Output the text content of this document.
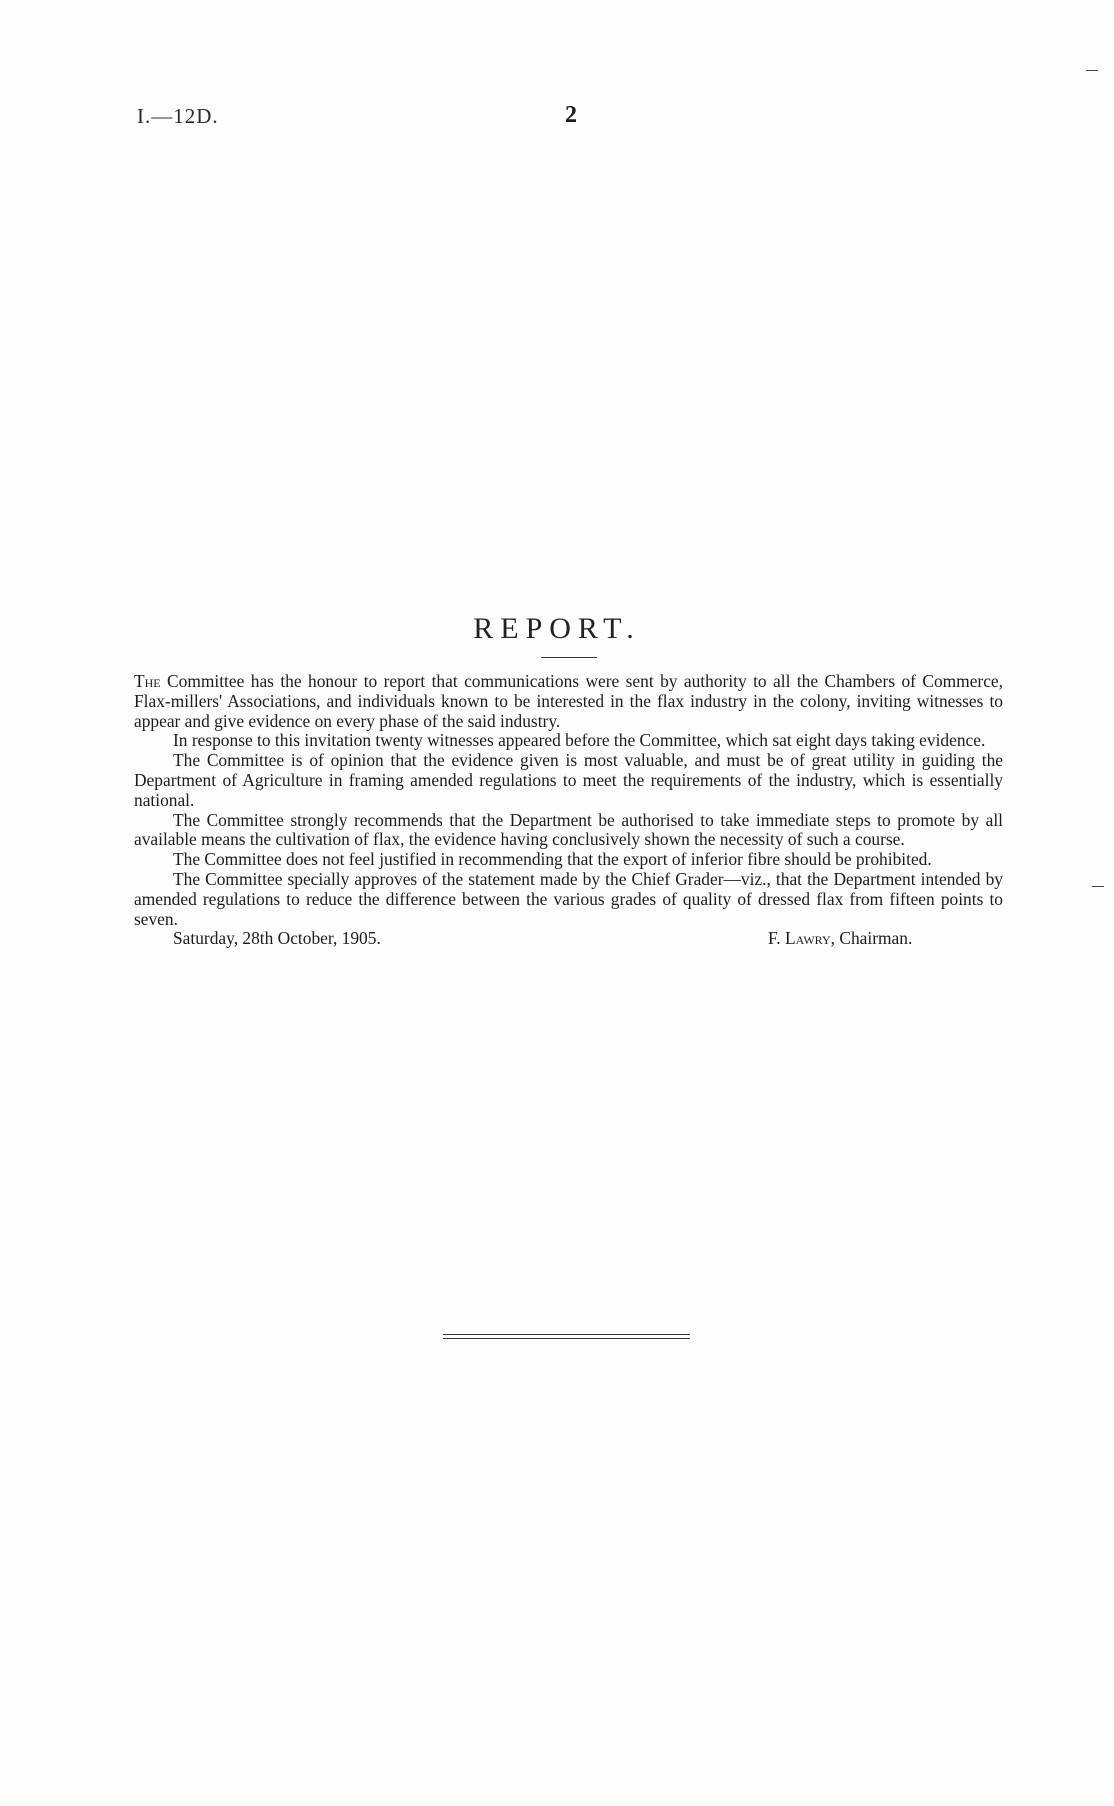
I.—12D.	2
REPORT.

The Committee has the honour to report that communications were sent by authority to all the Chambers of Commerce, Flax-millers' Associations, and individuals known to be interested in the flax industry in the colony, inviting witnesses to appear and give evidence on every phase of the said industry.

In response to this invitation twenty witnesses appeared before the Committee, which sat eight days taking evidence.

The Committee is of opinion that the evidence given is most valuable, and must be of great utility in guiding the Department of Agriculture in framing amended regulations to meet the requirements of the industry, which is essentially national.

The Committee strongly recommends that the Department be authorised to take immediate steps to promote by all available means the cultivation of flax, the evidence having conclusively shown the necessity of such a course.

The Committee does not feel justified in recommending that the export of inferior fibre should be prohibited.

The Committee specially approves of the statement made by the Chief Grader—viz., that the Department intended by amended regulations to reduce the difference between the various grades of quality of dressed flax from fifteen points to seven.

Saturday, 28th October, 1905.	F. Lawry, Chairman.
